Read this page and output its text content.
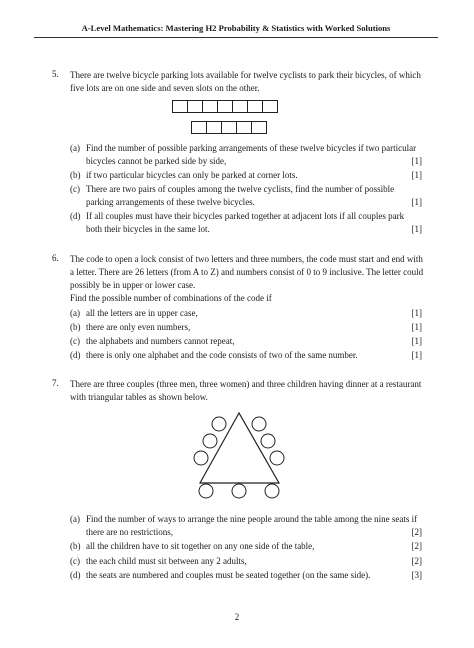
A-Level Mathematics: Mastering H2 Probability & Statistics with Worked Solutions
5. There are twelve bicycle parking lots available for twelve cyclists to park their bicycles, of which five lots are on one side and seven slots on the other.
(a) Find the number of possible parking arrangements of these twelve bicycles if two particular bicycles cannot be parked side by side,	[1]
(b) if two particular bicycles can only be parked at corner lots.	[1]
(c) There are two pairs of couples among the twelve cyclists, find the number of possible parking arrangements of these twelve bicycles.	[1]
(d) If all couples must have their bicycles parked together at adjacent lots if all couples park both their bicycles in the same lot.	[1]
6. The code to open a lock consist of two letters and three numbers, the code must start and end with a letter. There are 26 letters (from A to Z) and numbers consist of 0 to 9 inclusive. The letter could possibly be in upper or lower case.
Find the possible number of combinations of the code if
(a) all the letters are in upper case,	[1]
(b) there are only even numbers,	[1]
(c) the alphabets and numbers cannot repeat,	[1]
(d) there is only one alphabet and the code consists of two of the same number.	[1]
7. There are three couples (three men, three women) and three children having dinner at a restaurant with triangular tables as shown below.
(a) Find the number of ways to arrange the nine people around the table among the nine seats if there are no restrictions,	[2]
(b) all the children have to sit together on any one side of the table,	[2]
(c) the each child must sit between any 2 adults,	[2]
(d) the seats are numbered and couples must be seated together (on the same side).	[3]
2
